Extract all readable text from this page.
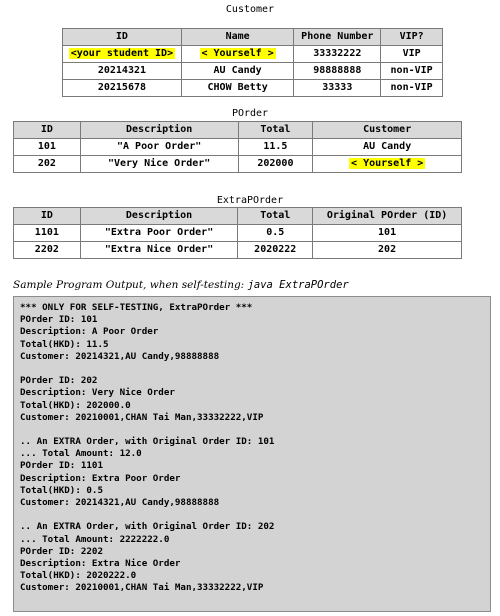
Customer
ID	Name	Phone Number	VIP?
<your student ID>	< Yourself >	33332222	VIP
20214321	AU Candy	98888888	non-VIP
20215678	CHOW Betty	33333	non-VIP
POrder
ID	Description	Total	Customer
101	"A Poor Order"	11.5	AU Candy
202	"Very Nice Order"	202000	< Yourself >
ExtraPOrder
ID	Description	Total	Original POrder (ID)
1101	"Extra Poor Order"	0.5	101
2202	"Extra Nice Order"	2020222	202
Sample Program Output, when self-testing: java ExtraPOrder
*** ONLY FOR SELF-TESTING, ExtraPOrder ***
POrder ID: 101
Description: A Poor Order
Total(HKD): 11.5
Customer: 20214321,AU Candy,98888888
POrder ID: 202
Description: Very Nice Order
Total(HKD): 202000.0
Customer: 20210001,CHAN Tai Man,33332222,VIP
.. An EXTRA Order, with Original Order ID: 101
... Total Amount: 12.0
POrder ID: 1101
Description: Extra Poor Order
Total(HKD): 0.5
Customer: 20214321,AU Candy,98888888
.. An EXTRA Order, with Original Order ID: 202
... Total Amount: 2222222.0
POrder ID: 2202
Description: Extra Nice Order
Total(HKD): 2020222.0
Customer: 20210001,CHAN Tai Man,33332222,VIP
